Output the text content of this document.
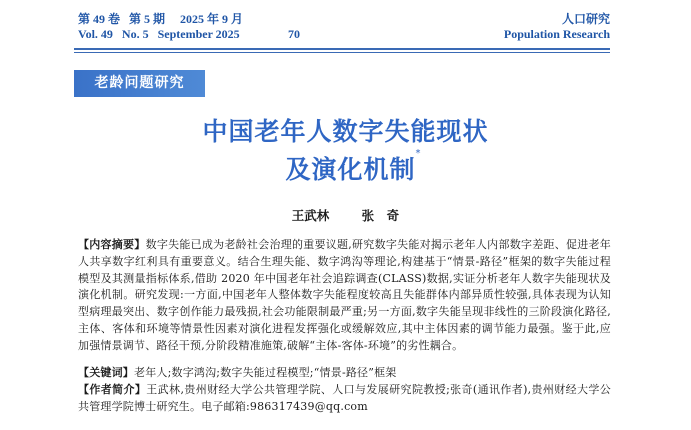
第 49 卷 第 5 期 2025 年 9 月
Vol. 49 No. 5 September 2025	70
人口研究
Population Research
老龄问题研究
中国老年人数字失能现状
及演化机制*
王武林	张　奇
【内容摘要】数字失能已成为老龄社会治理的重要议题,研究数字失能对揭示老年人内部数字差距、促进老年人共享数字红利具有重要意义。结合生理失能、数字鸿沟等理论,构建基于“情景-路径”框架的数字失能过程模型及其测量指标体系,借助 2020 年中国老年社会追踪调查(CLASS)数据,实证分析老年人数字失能现状及演化机制。研究发现:一方面,中国老年人整体数字失能程度较高且失能群体内部异质性较强,具体表现为认知型病理最突出、数字创作能力最残损,社会功能限制最严重;另一方面,数字失能呈现非线性的三阶段演化路径,主体、客体和环境等情景性因素对演化进程发挥强化或缓解效应,其中主体因素的调节能力最强。鉴于此,应加强情景调节、路径干预,分阶段精准施策,破解“主体-客体-环境”的劣性耦合。
【关键词】老年人;数字鸿沟;数字失能过程模型;“情景-路径”框架
【作者简介】王武林,贵州财经大学公共管理学院、人口与发展研究院教授;张奇(通讯作者),贵州财经大学公共管理学院博士研究生。电子邮箱:986317439@qq.com
